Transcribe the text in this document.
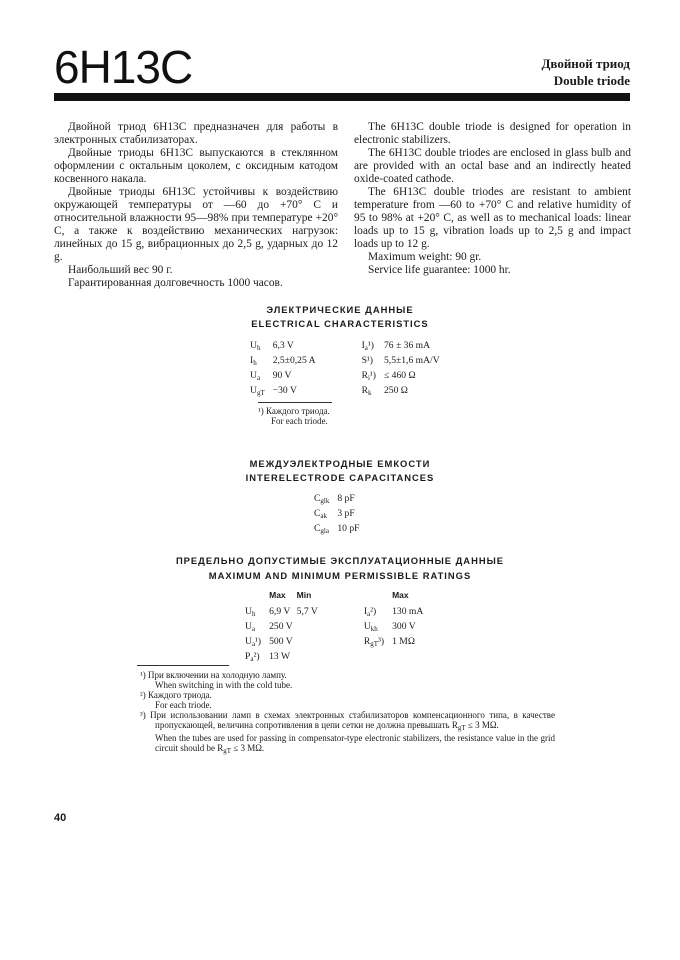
6Н13С	Двойной триод
Double triode

Двойной триод 6Н13С предназначен для работы в электронных стабилизаторах.

Двойные триоды 6Н13С выпускаются в стеклянном оформлении с октальным цоколем, с оксидным катодом косвенного накала.

Двойные триоды 6Н13С устойчивы к воздействию окружающей температуры от —60 до +70° С и относительной влажности 95—98% при температуре +20° С, а также к воздействию механических нагрузок: линейных до 15 g, вибрационных до 2,5 g, ударных до 12 g.

Наибольший вес 90 г.

Гарантированная долговечность 1000 часов.

The 6H13C double triode is designed for operation in electronic stabilizers.

The 6H13C double triodes are enclosed in glass bulb and are provided with an octal base and an indirectly heated oxide-coated cathode.

The 6H13C double triodes are resistant to ambient temperature from —60 to +70° C and relative humidity of 95 to 98% at +20° C, as well as to mechanical loads: linear loads up to 15 g, vibration loads up to 2,5 g and impact loads up to 12 g.

Maximum weight: 90 gr.

Service life guarantee: 1000 hr.

ЭЛЕКТРИЧЕСКИЕ ДАННЫЕ
ELECTRICAL CHARACTERISTICS
$U_h$	6,3 V		$I_a^1$)	76 ± 36 mA
$I_h$	2,5±0,25 A		S¹)	5,5±1,6 mA/V
$U_a$	90 V		$R_i^1$)	≤ 460 Ω
$U_{gT}$	−30 V		$R_k$	250 Ω
¹) Каждого триода.
For each triode.
МЕЖДУЭЛЕКТРОДНЫЕ ЕМКОСТИ
INTERELECTRODE CAPACITANCES
$C_{glk}$	8 pF
$C_{ak}$	3 pF
$C_{gla}$	10 pF
ПРЕДЕЛЬНО ДОПУСТИМЫЕ ЭКСПЛУАТАЦИОННЫЕ ДАННЫЕ
MAXIMUM AND MINIMUM PERMISSIBLE RATINGS
	Max	Min			Max
$U_h$	6,9 V	5,7 V		$I_a^2$)	130 mA
$U_a$	250 V			$U_{kh}$	300 V
$U_a^1$)	500 V			$R_{gT}^3$)	1 MΩ
$P_a^2$)	13 W				
¹) При включении на холодную лампу.
When switching in with the cold tube.
²) Каждого триода.
For each triode.
³) При использовании ламп в схемах электронных стабилизаторов компенсационного типа, в качестве пропускающей, величина сопротивления в цепи сетки не должна превышать $R_{gT} \le 3$ MΩ.
When the tubes are used for passing in compensator-type electronic stabilizers, the resistance value in the grid circuit should be $R_{gT} \le 3$ MΩ.
40
